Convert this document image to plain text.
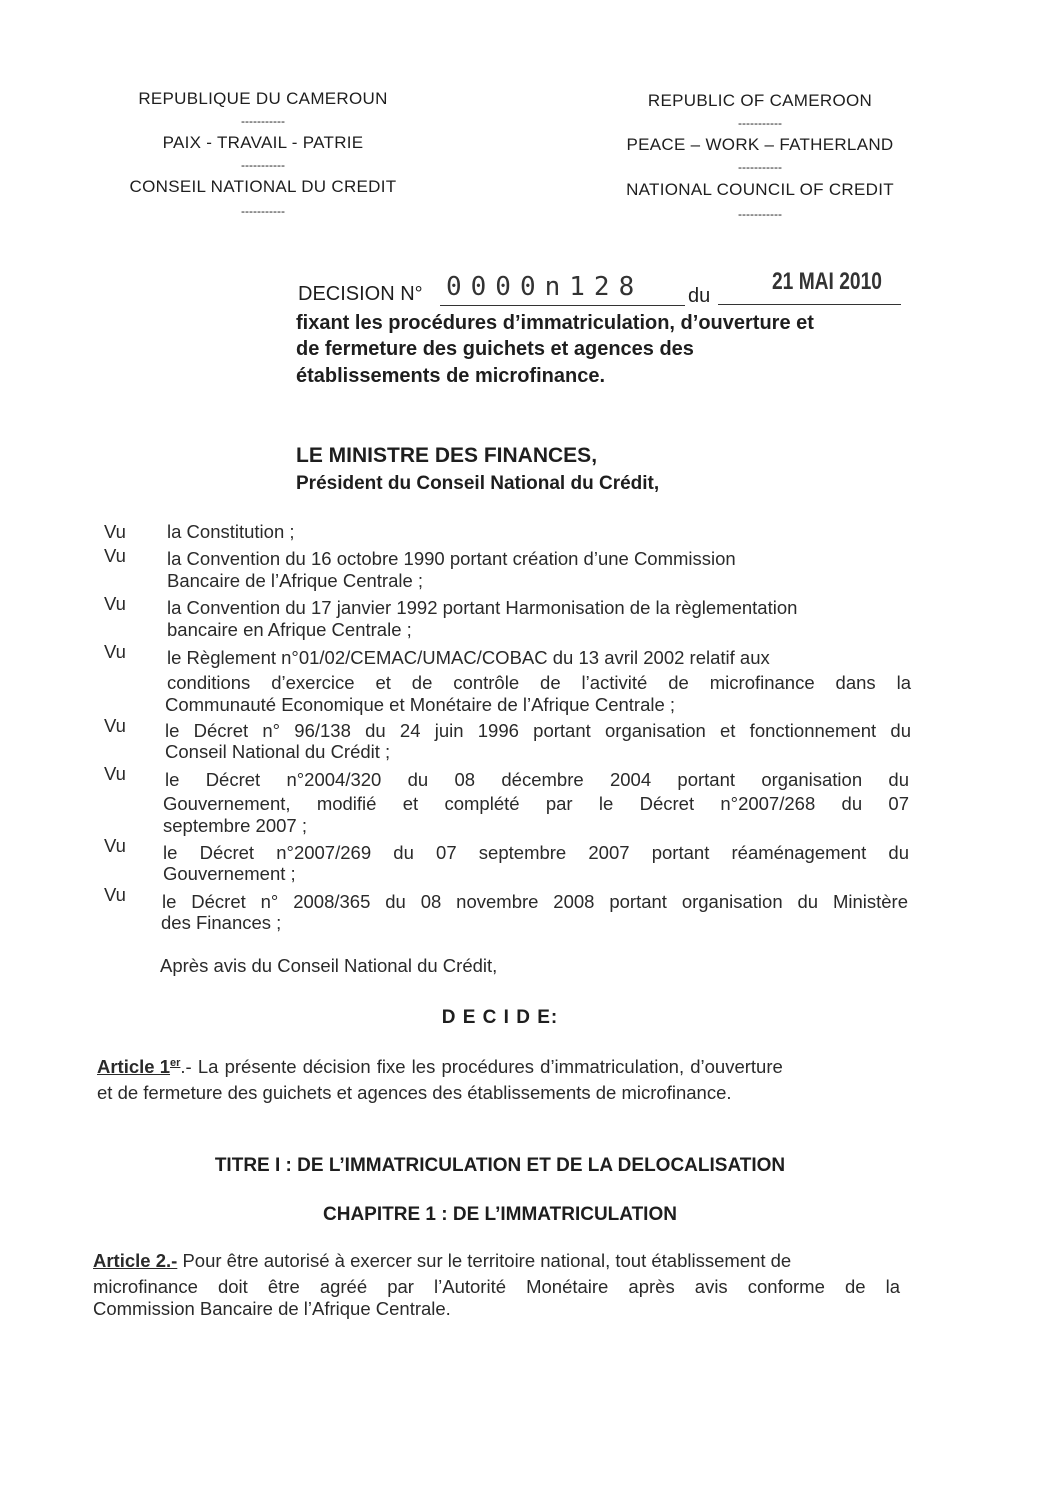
REPUBLIQUE DU CAMEROUN
-----------
PAIX - TRAVAIL - PATRIE
-----------
CONSEIL NATIONAL DU CREDIT
-----------
REPUBLIC OF CAMEROON
-----------
PEACE – WORK – FATHERLAND
-----------
NATIONAL COUNCIL OF CREDIT
-----------
DECISION N° 0000n128 du
21 MAI 2010
fixant les procédures d’immatriculation, d’ouverture et
de fermeture des guichets et agences des
établissements de microfinance.
LE MINISTRE DES FINANCES,
Président du Conseil National du Crédit,
Vu la Constitution ;
Vu la Convention du 16 octobre 1990 portant création d’une Commission
Bancaire de l’Afrique Centrale ;
Vu la Convention du 17 janvier 1992 portant Harmonisation de la règlementation
bancaire en Afrique Centrale ;
Vu le Règlement n°01/02/CEMAC/UMAC/COBAC du 13 avril 2002 relatif aux
conditions d’exercice et de contrôle de l’activité de microfinance dans la
Communauté Economique et Monétaire de l’Afrique Centrale ;
Vu le Décret n° 96/138 du 24 juin 1996 portant organisation et fonctionnement du
Conseil National du Crédit ;
Vu le Décret n°2004/320 du 08 décembre 2004 portant organisation du
Gouvernement, modifié et complété par le Décret n°2007/268 du 07
septembre 2007 ;
Vu le Décret n°2007/269 du 07 septembre 2007 portant réaménagement du
Gouvernement ;
Vu le Décret n° 2008/365 du 08 novembre 2008 portant organisation du Ministère
des Finances ;
Après avis du Conseil National du Crédit,
D E C I D E:
Article 1er.- La présente décision fixe les procédures d’immatriculation, d’ouverture
et de fermeture des guichets et agences des établissements de microfinance.
TITRE I : DE L’IMMATRICULATION ET DE LA DELOCALISATION
CHAPITRE 1 : DE L’IMMATRICULATION
Article 2.- Pour être autorisé à exercer sur le territoire national, tout établissement de
microfinance doit être agréé par l’Autorité Monétaire après avis conforme de la
Commission Bancaire de l’Afrique Centrale.
